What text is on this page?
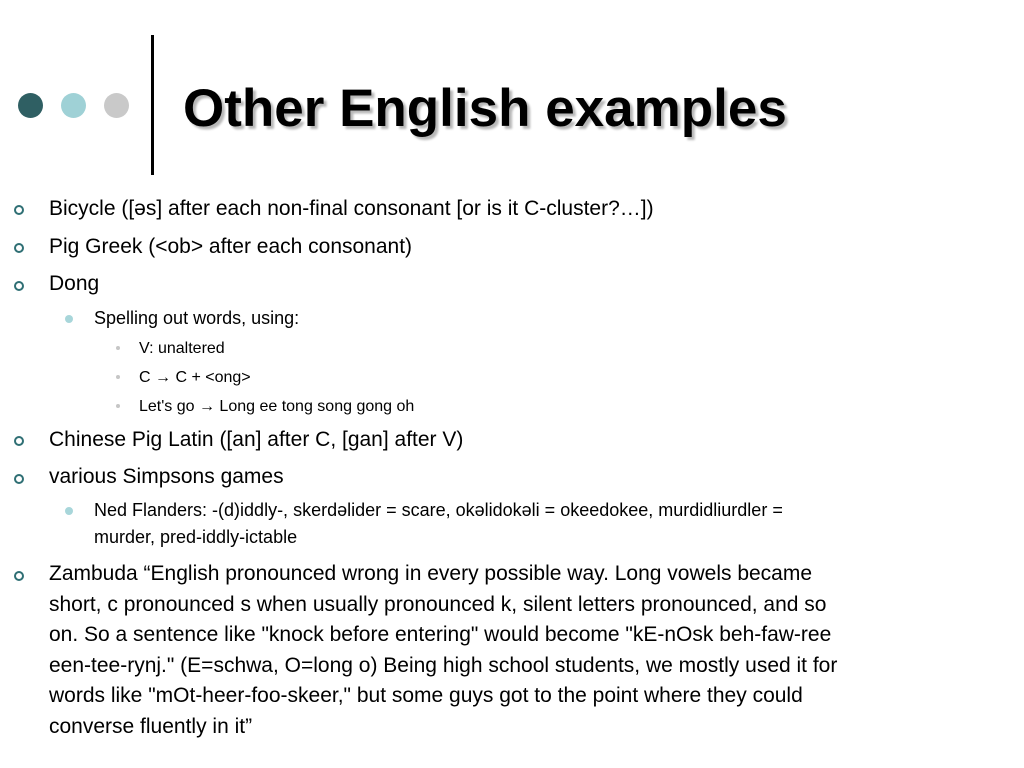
Other English examples
Bicycle ([əs] after each non-final consonant [or is it C-cluster?…])
Pig Greek (<ob> after each consonant)
Dong
Spelling out words, using:
V: unaltered
C → C + <ong>
Let's go → Long ee tong song gong oh
Chinese Pig Latin ([an] after C, [gan] after V)
various Simpsons games
Ned Flanders: -(d)iddly-, skerdəlider = scare, okəlidokəli = okeedokee, murdidliurdler =
murder, pred-iddly-ictable
Zambuda “English pronounced wrong in every possible way. Long vowels became
short, c pronounced s when usually pronounced k, silent letters pronounced, and so
on. So a sentence like "knock before entering" would become "kE-nOsk beh-faw-ree
een-tee-rynj." (E=schwa, O=long o) Being high school students, we mostly used it for
words like "mOt-heer-foo-skeer," but some guys got to the point where they could
converse fluently in it”
